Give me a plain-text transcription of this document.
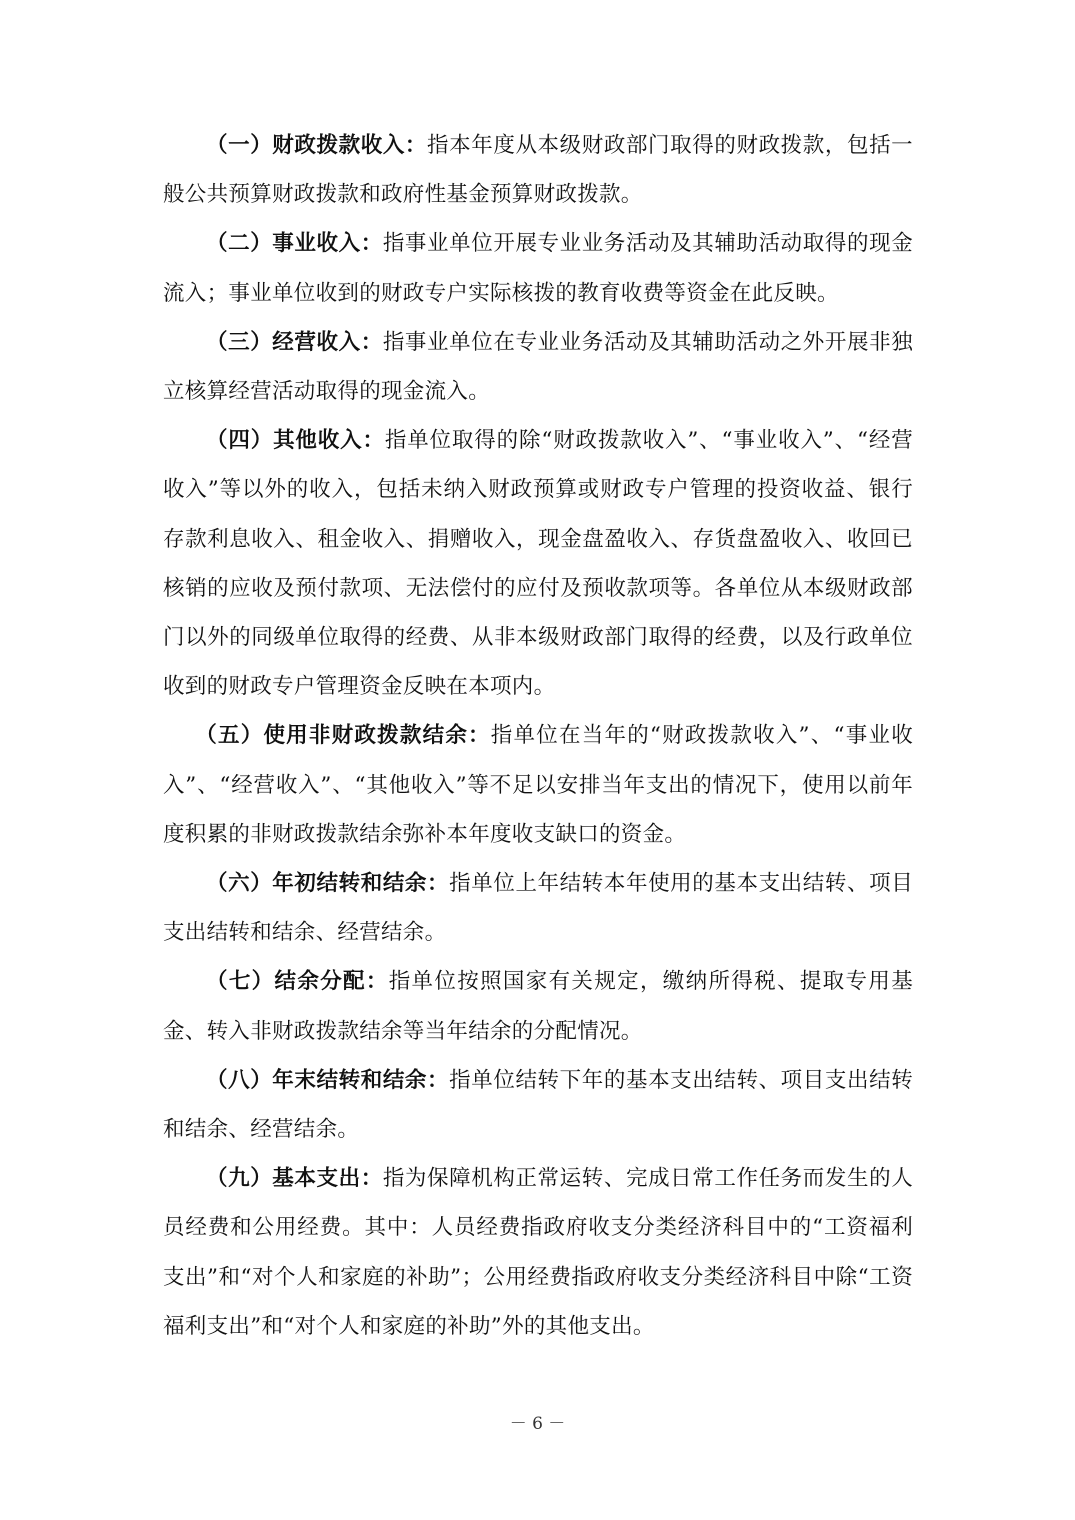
（一）财政拨款收入：指本年度从本级财政部门取得的财政拨款，包括一般公共预算财政拨款和政府性基金预算财政拨款。

（二）事业收入：指事业单位开展专业业务活动及其辅助活动取得的现金流入；事业单位收到的财政专户实际核拨的教育收费等资金在此反映。

（三）经营收入：指事业单位在专业业务活动及其辅助活动之外开展非独立核算经营活动取得的现金流入。

（四）其他收入：指单位取得的除“财政拨款收入”、“事业收入”、“经营收入”等以外的收入，包括未纳入财政预算或财政专户管理的投资收益、银行存款利息收入、租金收入、捐赠收入，现金盘盈收入、存货盘盈收入、收回已核销的应收及预付款项、无法偿付的应付及预收款项等。各单位从本级财政部门以外的同级单位取得的经费、从非本级财政部门取得的经费，以及行政单位收到的财政专户管理资金反映在本项内。

（五）使用非财政拨款结余：指单位在当年的“财政拨款收入”、“事业收入”、“经营收入”、“其他收入”等不足以安排当年支出的情况下，使用以前年度积累的非财政拨款结余弥补本年度收支缺口的资金。

（六）年初结转和结余：指单位上年结转本年使用的基本支出结转、项目支出结转和结余、经营结余。

（七）结余分配：指单位按照国家有关规定，缴纳所得税、提取专用基金、转入非财政拨款结余等当年结余的分配情况。

（八）年末结转和结余：指单位结转下年的基本支出结转、项目支出结转和结余、经营结余。

（九）基本支出：指为保障机构正常运转、完成日常工作任务而发生的人员经费和公用经费。其中：人员经费指政府收支分类经济科目中的“工资福利支出”和“对个人和家庭的补助”；公用经费指政府收支分类经济科目中除“工资福利支出”和“对个人和家庭的补助”外的其他支出。

－ 6 －
